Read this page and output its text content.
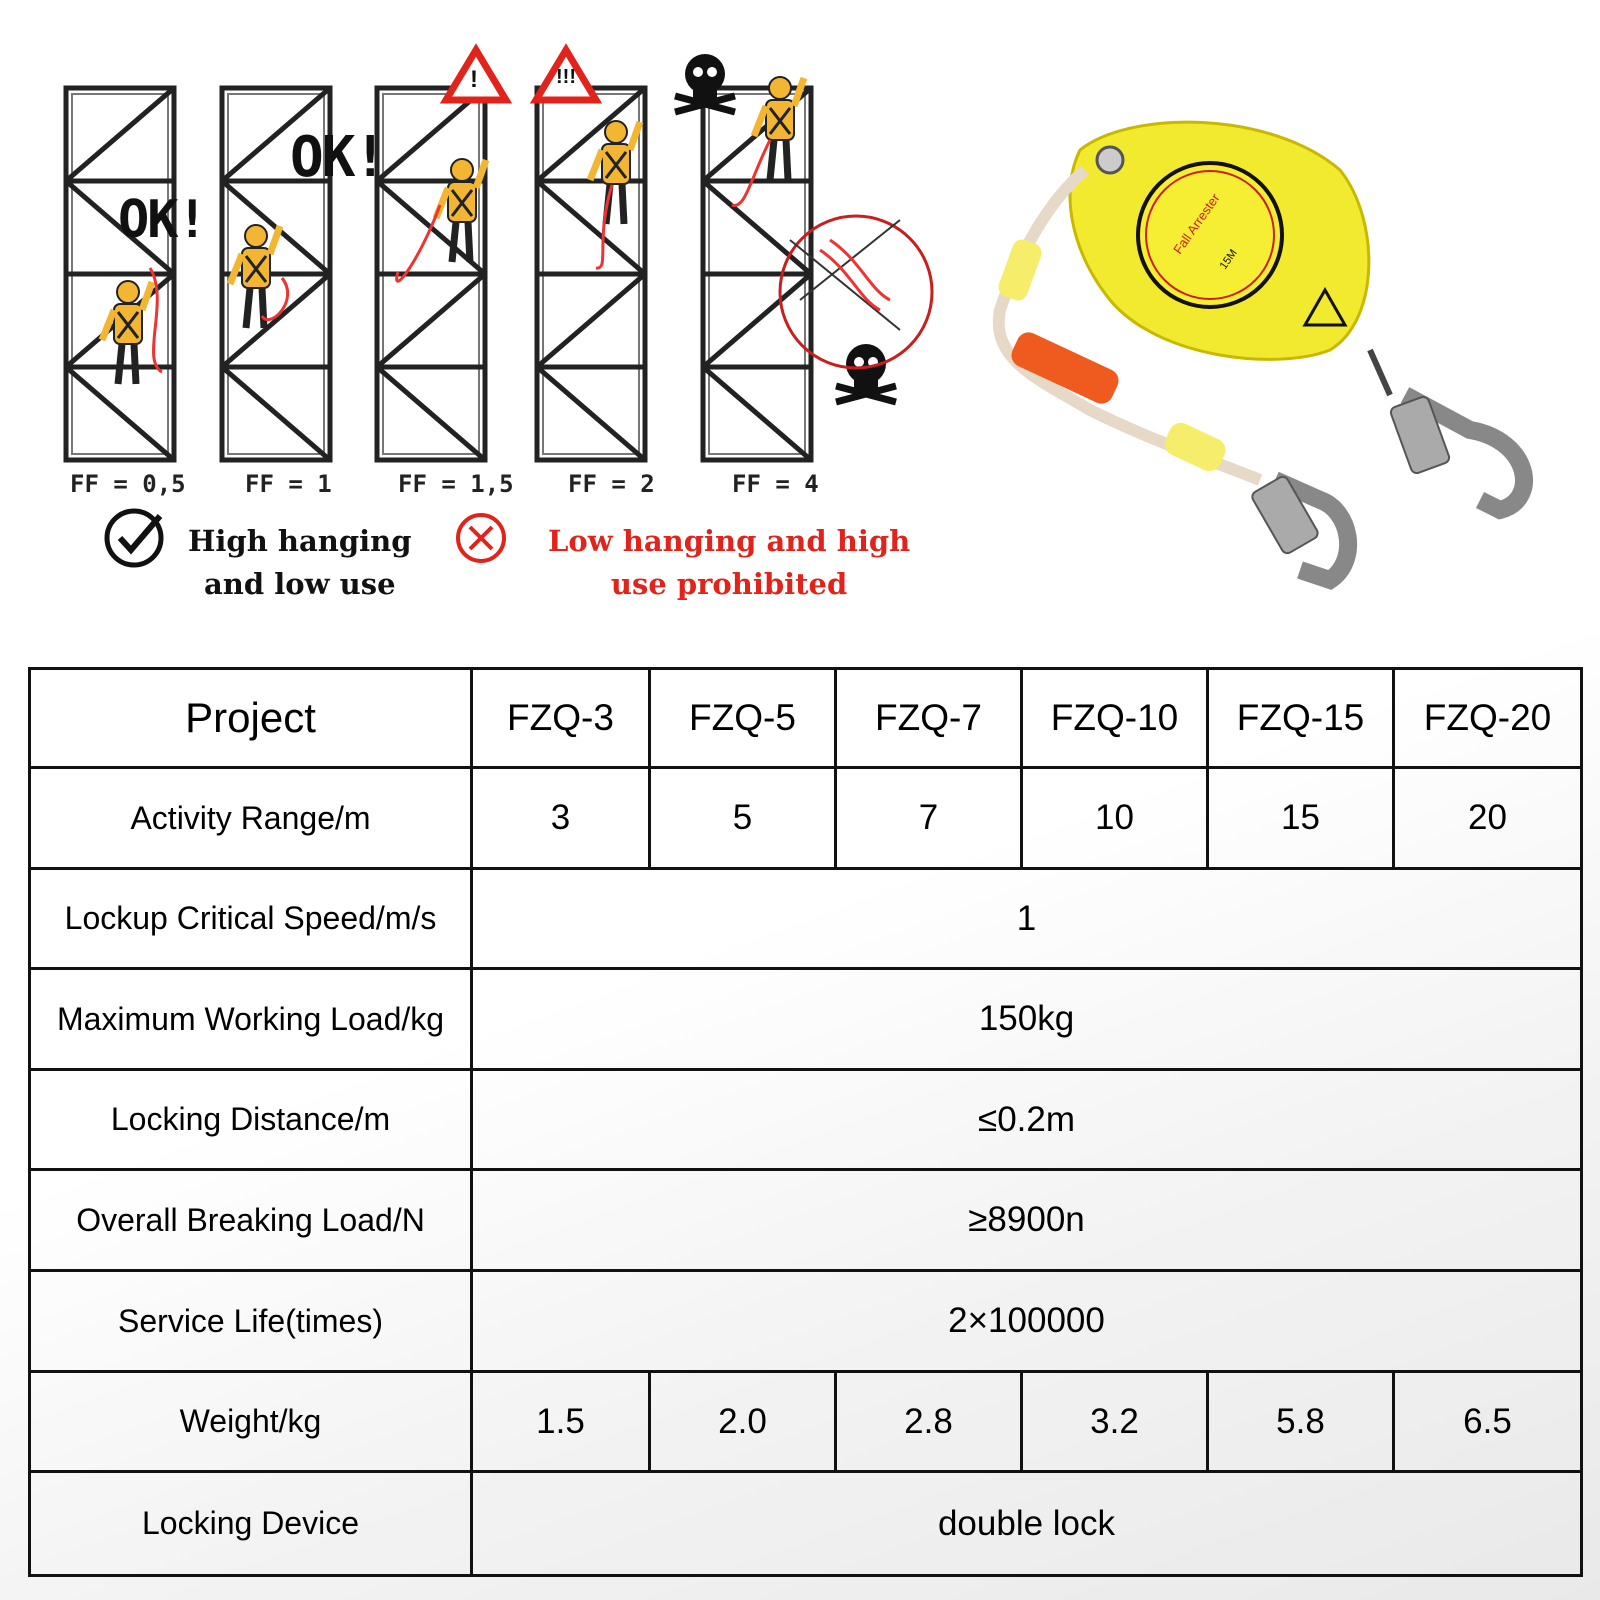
Fall Arrester
15M
OK!
OK!
FF = 0,5 FF = 1	FF = 1,5 FF = 2	FF = 4
!	!!!
High hanging
and low use
Low hanging and high
use prohibited
Project	FZQ-3	FZQ-5	FZQ-7	FZQ-10	FZQ-15	FZQ-20
Activity Range/m	3	5	7	10	15	20
Lockup Critical Speed/m/s	1					
Maximum Working Load/kg	150kg					
Locking Distance/m	≤0.2m					
Overall Breaking Load/N	≥8900n					
Service Life(times)	2×100000					
Weight/kg	1.5	2.0	2.8	3.2	5.8	6.5
Locking Device	double lock					
